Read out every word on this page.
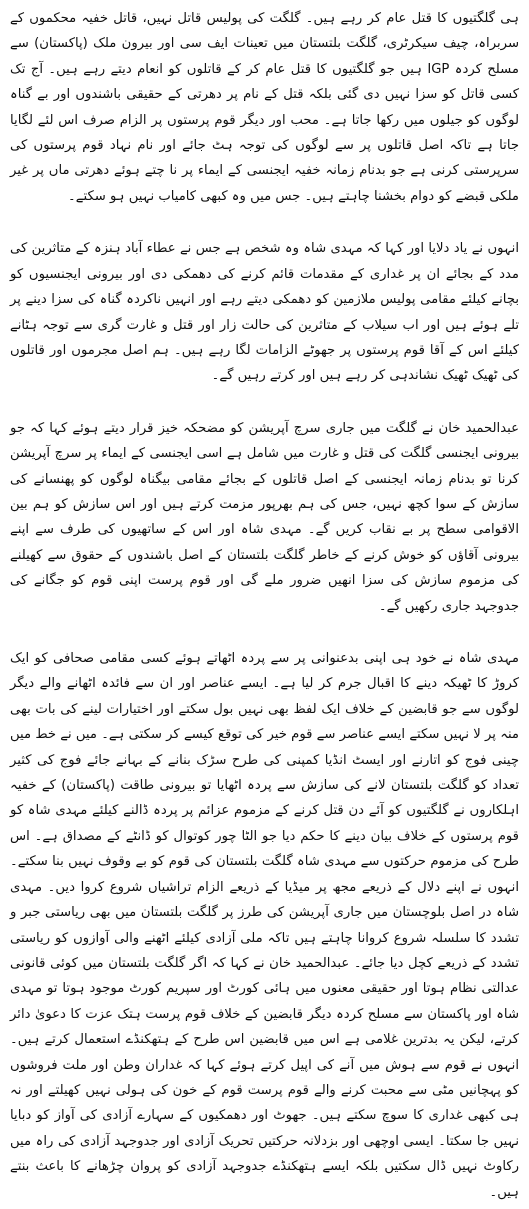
ہی گلگتیوں کا قتل عام کر رہے ہیں۔ گلگت کی پولیس قاتل نہیں، قاتل خفیہ محکموں کے سربراہ، چیف سیکرٹری، گلگت بلتستان میں تعینات ایف سی اور بیرون ملک (پاکستان) سے مسلح کردہ IGP ہیں جو گلگتیوں کا قتل عام کر کے قاتلوں کو انعام دیتے رہے ہیں۔ آج تک کسی قاتل کو سزا نہیں دی گئی بلکہ قتل کے نام پر دھرتی کے حقیقی باشندوں اور بے گناہ لوگوں کو جیلوں میں رکھا جاتا ہے۔ محب اور دیگر قوم پرستوں پر الزام صرف اس لئے لگایا جاتا ہے تاکہ اصل قاتلوں پر سے لوگوں کی توجہ ہٹ جائے اور نام نہاد قوم پرستوں کی سرپرستی کرنی ہے جو بدنام زمانہ خفیہ ایجنسی کے ایماء پر نا چتے ہوئے دھرتی ماں پر غیر ملکی قبضے کو دوام بخشنا چاہتے ہیں۔ جس میں وہ کبھی کامیاب نہیں ہو سکتے۔

انہوں نے یاد دلایا اور کہا کہ مہدی شاہ وہ شخص ہے جس نے عطاء آباد ہنزہ کے متاثرین کی مدد کے بجائے ان پر غداری کے مقدمات قائم کرنے کی دھمکی دی اور بیرونی ایجنسیوں کو بچانے کیلئے مقامی پولیس ملازمین کو دھمکی دیتے رہے اور انہیں ناکردہ گناہ کی سزا دینے پر تلے ہوئے ہیں اور اب سیلاب کے متاثرین کی حالت زار اور قتل و غارت گری سے توجہ ہٹانے کیلئے اس کے آقا قوم پرستوں پر جھوٹے الزامات لگا رہے ہیں۔ ہم اصل مجرموں اور قاتلوں کی ٹھیک ٹھیک نشاندہی کر رہے ہیں اور کرتے رہیں گے۔

عبدالحمید خان نے گلگت میں جاری سرچ آپریشن کو مضحکہ خیز قرار دیتے ہوئے کہا کہ جو بیرونی ایجنسی گلگت کی قتل و غارت میں شامل ہے اسی ایجنسی کے ایماء پر سرچ آپریشن کرنا تو بدنام زمانہ ایجنسی کے اصل قاتلوں کے بجائے مقامی بیگناہ لوگوں کو پھنسانے کی سازش کے سوا کچھ نہیں، جس کی ہم بھرپور مزمت کرتے ہیں اور اس سازش کو ہم بین الاقوامی سطح پر بے نقاب کریں گے۔ مہدی شاہ اور اس کے ساتھیوں کی طرف سے اپنے بیرونی آقاؤں کو خوش کرنے کے خاطر گلگت بلتستان کے اصل باشندوں کے حقوق سے کھیلنے کی مزموم سازش کی سزا انھیں ضرور ملے گی اور قوم پرست اپنی قوم کو جگانے کی جدوجہد جاری رکھیں گے۔

مہدی شاہ نے خود ہی اپنی بدعنوانی پر سے پردہ اٹھاتے ہوئے کسی مقامی صحافی کو ایک کروڑ کا ٹھیکہ دینے کا اقبال جرم کر لیا ہے۔ ایسے عناصر اور ان سے فائدہ اٹھانے والے دیگر لوگوں سے جو قابضین کے خلاف ایک لفظ بھی نہیں بول سکتے اور اختیارات لینے کی بات بھی منہ پر لا نہیں سکتے ایسے عناصر سے قوم خیر کی توقع کیسے کر سکتی ہے۔ میں نے خط میں چینی فوج کو اتارنے اور ایسٹ انڈیا کمپنی کی طرح سڑک بنانے کے بہانے جائے فوج کی کثیر تعداد کو گلگت بلتستان لانے کی سازش سے پردہ اٹھایا تو بیرونی طاقت (پاکستان) کے خفیہ اہلکاروں نے گلگتیوں کو آئے دن قتل کرنے کے مزموم عزائم پر پردہ ڈالنے کیلئے مہدی شاہ کو قوم پرستوں کے خلاف بیان دینے کا حکم دیا جو الٹا چور کوتوال کو ڈانٹے کے مصداق ہے۔ اس طرح کی مزموم حرکتوں سے مہدی شاہ گلگت بلتستان کی قوم کو بے وقوف نہیں بنا سکتے۔ انہوں نے اپنے دلال کے ذریعے مجھ پر میڈیا کے ذریعے الزام تراشیاں شروع کروا دیں۔ مہدی شاہ در اصل بلوچستان میں جاری آپریشن کی طرز پر گلگت بلتستان میں بھی ریاستی جبر و تشدد کا سلسلہ شروع کروانا چاہتے ہیں تاکہ ملی آزادی کیلئے اٹھنے والی آوازوں کو ریاستی تشدد کے ذریعے کچل دیا جائے۔ عبدالحمید خان نے کہا کہ اگر گلگت بلتستان میں کوئی قانونی عدالتی نظام ہوتا اور حقیقی معنوں میں ہائی کورٹ اور سپریم کورٹ موجود ہوتا تو مہدی شاہ اور پاکستان سے مسلح کردہ دیگر قابضین کے خلاف قوم پرست ہتک عزت کا دعویٰ دائر کرتے، لیکن یہ بدترین غلامی ہے اس میں قابضین اس طرح کے ہتھکنڈے استعمال کرتے ہیں۔ انہوں نے قوم سے ہوش میں آنے کی اپیل کرتے ہوئے کہا کہ غداران وطن اور ملت فروشوں کو پہچانیں مٹی سے محبت کرنے والے قوم پرست قوم کے خون کی ہولی نہیں کھیلتے اور نہ ہی کبھی غداری کا سوچ سکتے ہیں۔ جھوٹ اور دھمکیوں کے سہارے آزادی کی آواز کو دبایا نہیں جا سکتا۔ ایسی اوچھی اور بزدلانہ حرکتیں تحریک آزادی اور جدوجہد آزادی کی راہ میں رکاوٹ نہیں ڈال سکتیں بلکہ ایسے ہتھکنڈے جدوجہد آزادی کو پروان چڑھانے کا باعث بنتے ہیں۔
